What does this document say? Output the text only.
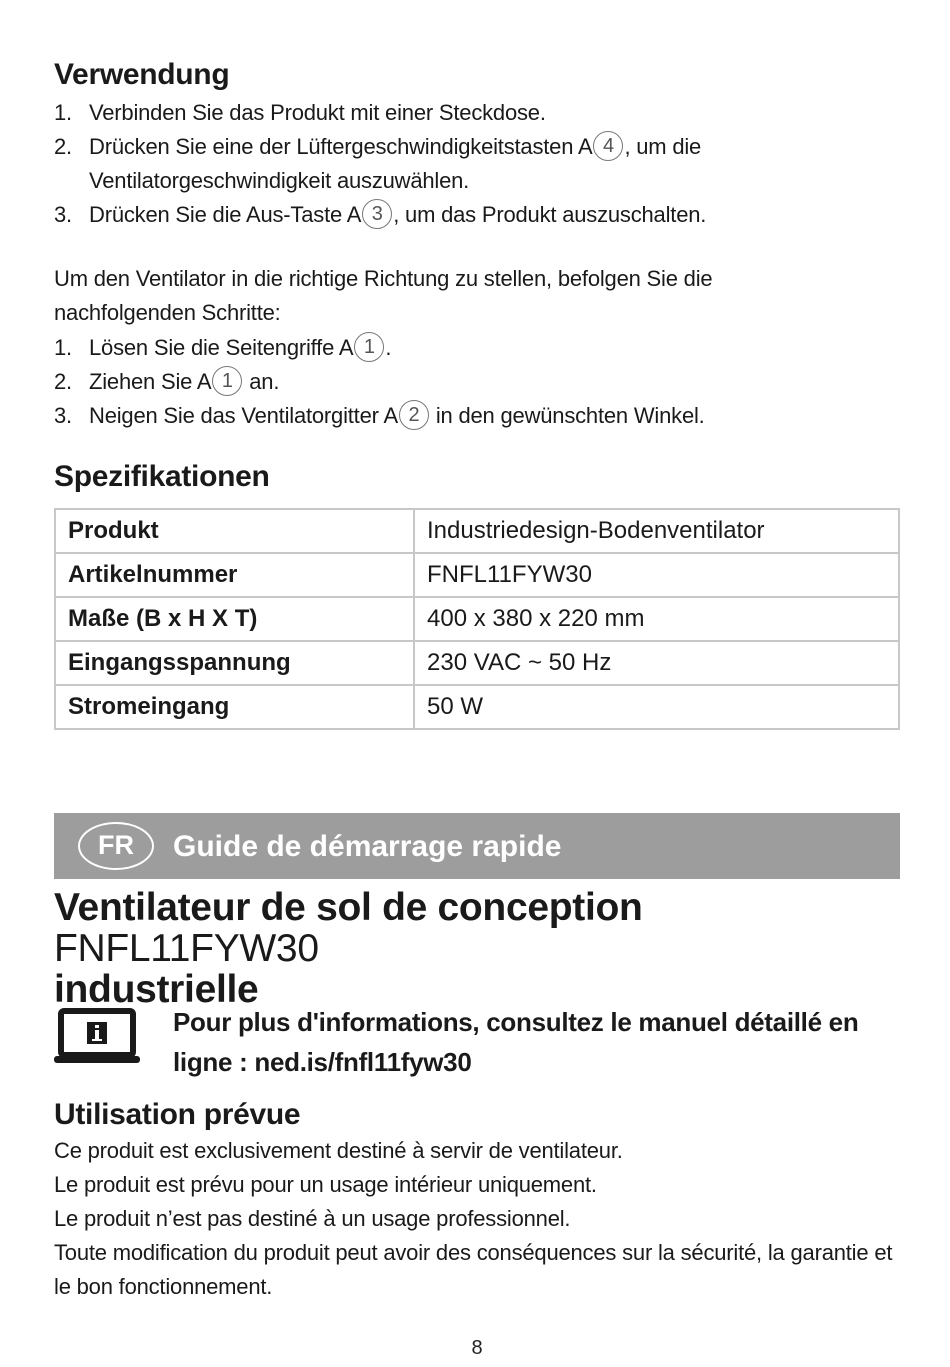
Verwendung
1. Verbinden Sie das Produkt mit einer Steckdose.
2. Drücken Sie eine der Lüftergeschwindigkeitstasten A 4 , um die Ventilatorgeschwindigkeit auszuwählen.
3. Drücken Sie die Aus-Taste A 3 , um das Produkt auszuschalten.

Um den Ventilator in die richtige Richtung zu stellen, befolgen Sie die nachfolgenden Schritte:

1. Lösen Sie die Seitengriffe A 1 .
2. Ziehen Sie A 1 an.
3. Neigen Sie das Ventilatorgitter A 2 in den gewünschten Winkel.
Spezifikationen
Produkt	Industriedesign-Bodenventilator
Artikelnummer	FNFL11FYW30
Maße (B x H X T)	400 x 380 x 220 mm
Eingangsspannung	230 VAC ~ 50 Hz
Stromeingang	50 W
FR	Guide de démarrage rapide
Ventilateur de sol de conception FNFL11FYW30
industrielle
Pour plus d'informations, consultez le manuel détaillé en ligne : ned.is/fnfl11fyw30
Utilisation prévue

Ce produit est exclusivement destiné à servir de ventilateur.

Le produit est prévu pour un usage intérieur uniquement.

Le produit n’est pas destiné à un usage professionnel.

Toute modification du produit peut avoir des conséquences sur la sécurité, la garantie et le bon fonctionnement.

8
